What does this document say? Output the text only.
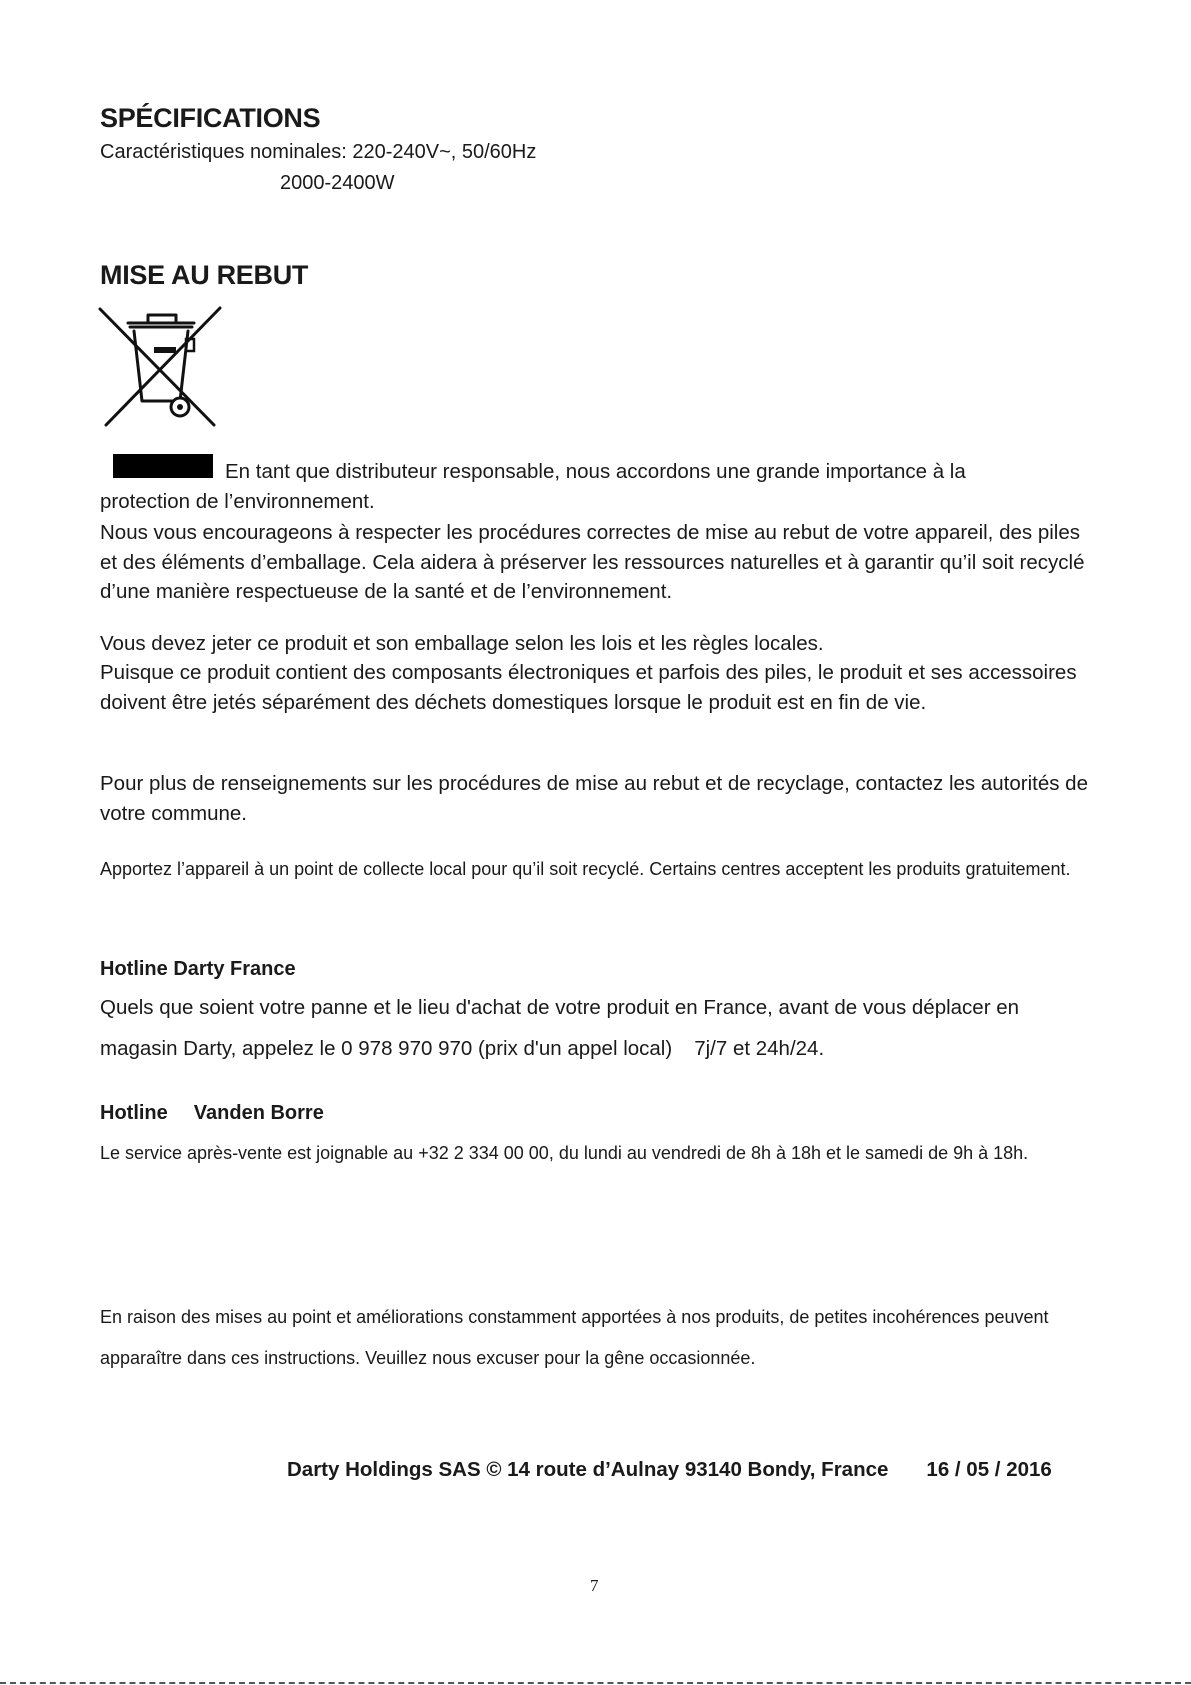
SPÉCIFICATIONS
Caractéristiques nominales: 220-240V~, 50/60Hz
2000-2400W
MISE AU REBUT
En tant que distributeur responsable, nous accordons une grande importance à la
protection de l’environnement.

Nous vous encourageons à respecter les procédures correctes de mise au rebut de votre appareil, des piles et des éléments d’emballage. Cela aidera à préserver les ressources naturelles et à garantir qu’il soit recyclé d’une manière respectueuse de la santé et de l’environnement.

Vous devez jeter ce produit et son emballage selon les lois et les règles locales.

Puisque ce produit contient des composants électroniques et parfois des piles, le produit et ses accessoires doivent être jetés séparément des déchets domestiques lorsque le produit est en fin de vie.

Pour plus de renseignements sur les procédures de mise au rebut et de recyclage, contactez les autorités de votre commune.

Apportez l’appareil à un point de collecte local pour qu’il soit recyclé. Certains centres acceptent les produits gratuitement.

Hotline Darty France

Quels que soient votre panne et le lieu d'achat de votre produit en France, avant de vous déplacer en magasin Darty, appelez le 0 978 970 970 (prix d'un appel local) 7j/7 et 24h/24.

Hotline Vanden Borre

Le service après-vente est joignable au +32 2 334 00 00, du lundi au vendredi de 8h à 18h et le samedi de 9h à 18h.

En raison des mises au point et améliorations constamment apportées à nos produits, de petites incohérences peuvent apparaître dans ces instructions. Veuillez nous excuser pour la gêne occasionnée.

Darty Holdings SAS © 14 route d’Aulnay 93140 Bondy, France 16 / 05 / 2016
7
